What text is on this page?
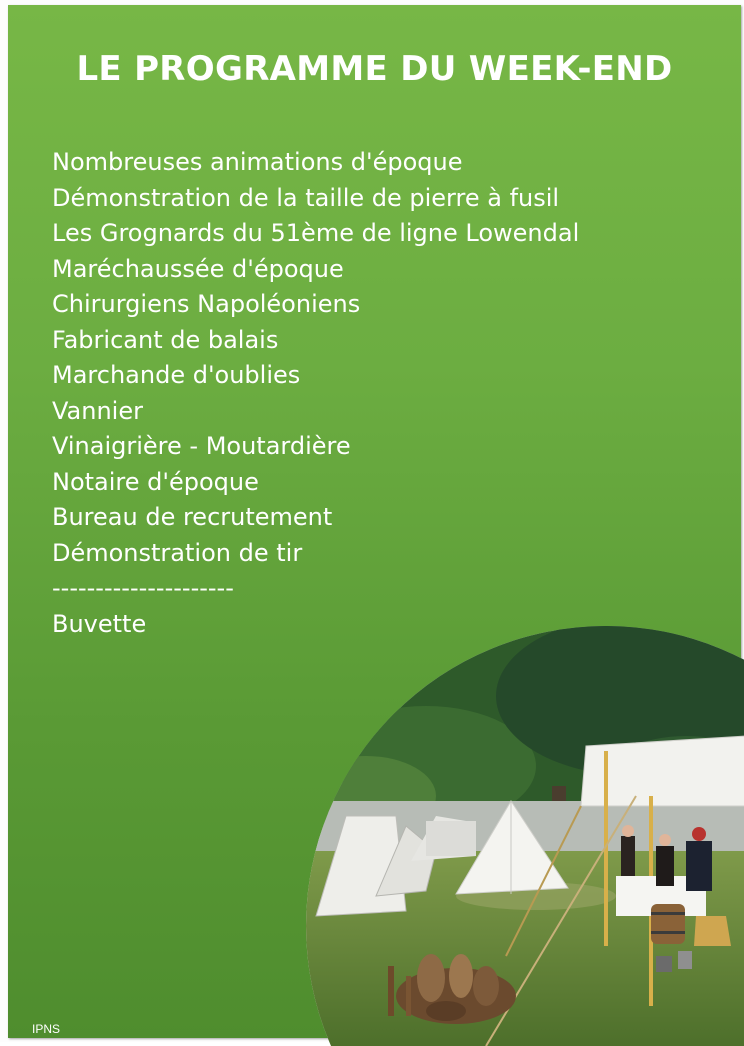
LE PROGRAMME DU WEEK-END
Nombreuses animations d'époque
Démonstration de la taille de pierre à fusil
Les Grognards du 51ème de ligne Lowendal
Maréchaussée d'époque
Chirurgiens Napoléoniens
Fabricant de balais
Marchande d'oublies
Vannier
Vinaigrière - Moutardière
Notaire d'époque
Bureau de recrutement
Démonstration de tir
---------------------
Buvette
IPNS
